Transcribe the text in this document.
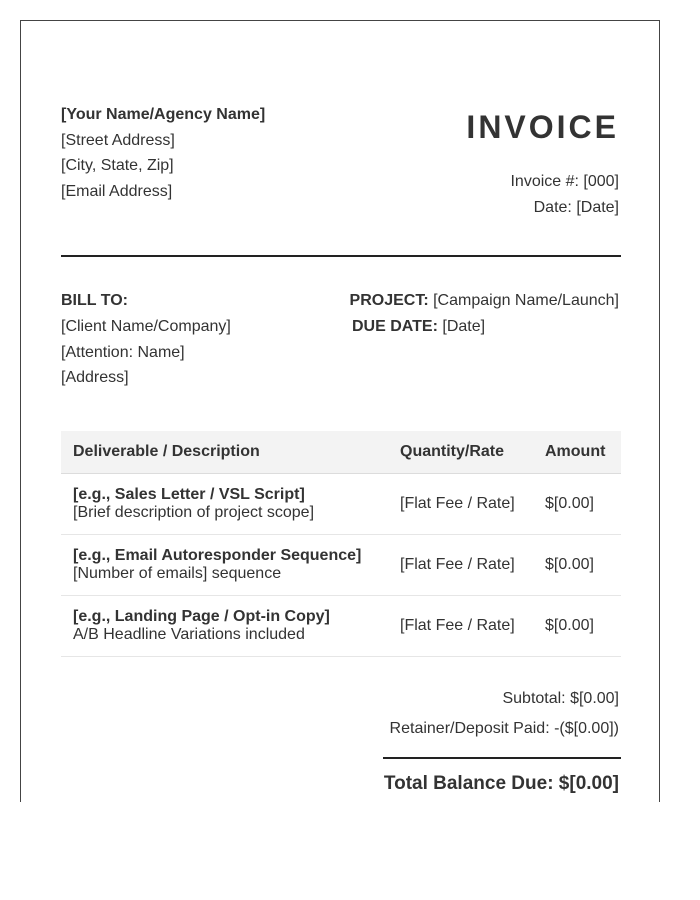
[Your Name/Agency Name]
[Street Address]
[City, State, Zip]
[Email Address]
INVOICE
Invoice #: [000]
Date: [Date]
BILL TO:
[Client Name/Company]
[Attention: Name]
[Address]
PROJECT: [Campaign Name/Launch]
DUE DATE: [Date]
Deliverable / Description	Quantity/Rate	Amount

[e.g., Sales Letter / VSL Script]
[Brief description of project scope]	[Flat Fee / Rate]	$[0.00]

[e.g., Email Autoresponder Sequence]
[Number of emails] sequence	[Flat Fee / Rate]	$[0.00]

[e.g., Landing Page / Opt-in Copy]
A/B Headline Variations included	[Flat Fee / Rate]	$[0.00]
Subtotal: $[0.00]
Retainer/Deposit Paid: -($[0.00])
Total Balance Due: $[0.00]
